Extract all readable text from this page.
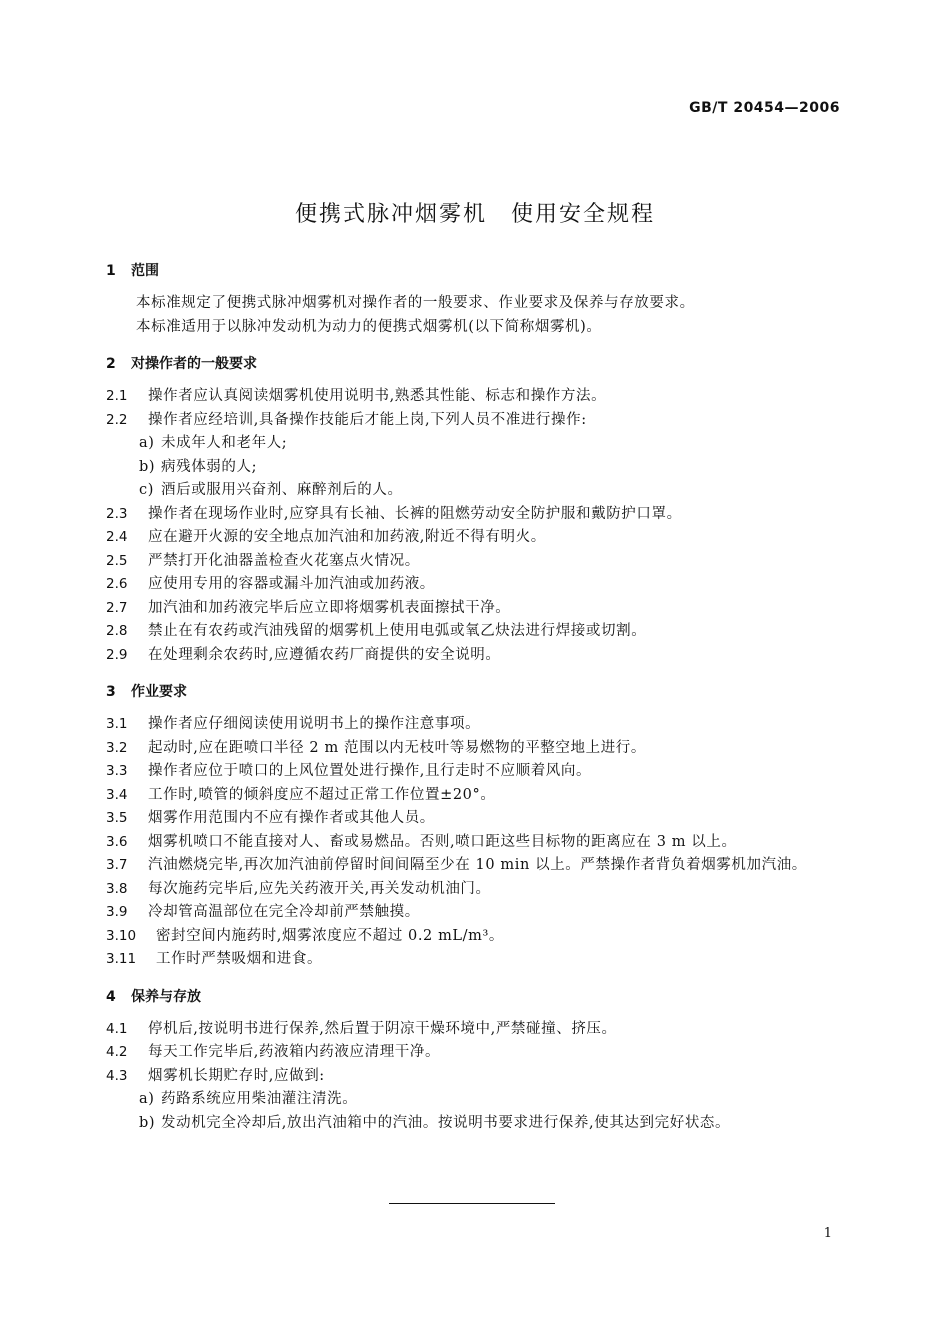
GB/T 20454—2006
便携式脉冲烟雾机　使用安全规程
1	范围
本标准规定了便携式脉冲烟雾机对操作者的一般要求、作业要求及保养与存放要求。
本标准适用于以脉冲发动机为动力的便携式烟雾机(以下简称烟雾机)。
2	对操作者的一般要求
2.1 操作者应认真阅读烟雾机使用说明书,熟悉其性能、标志和操作方法。
2.2 操作者应经培训,具备操作技能后才能上岗,下列人员不准进行操作:
a) 未成年人和老年人;
b) 病残体弱的人;
c) 酒后或服用兴奋剂、麻醉剂后的人。
2.3 操作者在现场作业时,应穿具有长袖、长裤的阻燃劳动安全防护服和戴防护口罩。
2.4 应在避开火源的安全地点加汽油和加药液,附近不得有明火。
2.5 严禁打开化油器盖检查火花塞点火情况。
2.6 应使用专用的容器或漏斗加汽油或加药液。
2.7 加汽油和加药液完毕后应立即将烟雾机表面擦拭干净。
2.8 禁止在有农药或汽油残留的烟雾机上使用电弧或氧乙炔法进行焊接或切割。
2.9 在处理剩余农药时,应遵循农药厂商提供的安全说明。
3	作业要求
3.1 操作者应仔细阅读使用说明书上的操作注意事项。
3.2 起动时,应在距喷口半径 2 m 范围以内无枝叶等易燃物的平整空地上进行。
3.3 操作者应位于喷口的上风位置处进行操作,且行走时不应顺着风向。
3.4 工作时,喷管的倾斜度应不超过正常工作位置±20°。
3.5 烟雾作用范围内不应有操作者或其他人员。
3.6 烟雾机喷口不能直接对人、畜或易燃品。否则,喷口距这些目标物的距离应在 3 m 以上。
3.7 汽油燃烧完毕,再次加汽油前停留时间间隔至少在 10 min 以上。严禁操作者背负着烟雾机加汽油。
3.8 每次施药完毕后,应先关药液开关,再关发动机油门。
3.9 冷却管高温部位在完全冷却前严禁触摸。
3.10 密封空间内施药时,烟雾浓度应不超过 0.2 mL/m³。
3.11 工作时严禁吸烟和进食。
4	保养与存放
4.1 停机后,按说明书进行保养,然后置于阴凉干燥环境中,严禁碰撞、挤压。
4.2 每天工作完毕后,药液箱内药液应清理干净。
4.3 烟雾机长期贮存时,应做到:
a) 药路系统应用柴油灌注清洗。
b) 发动机完全冷却后,放出汽油箱中的汽油。按说明书要求进行保养,使其达到完好状态。
1
